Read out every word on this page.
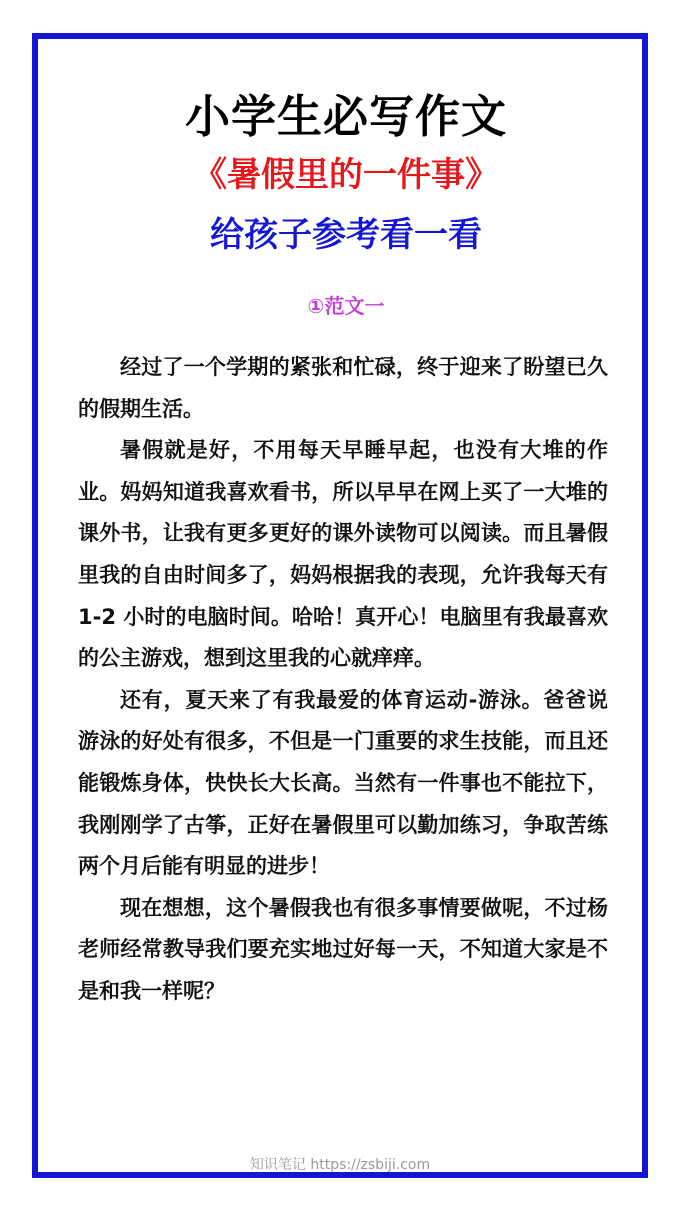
小学生必写作文
《暑假里的一件事》
给孩子参考看一看
①范文一

经过了一个学期的紧张和忙碌，终于迎来了盼望已久的假期生活。

暑假就是好，不用每天早睡早起，也没有大堆的作业。妈妈知道我喜欢看书，所以早早在网上买了一大堆的课外书，让我有更多更好的课外读物可以阅读。而且暑假里我的自由时间多了，妈妈根据我的表现，允许我每天有 1-2 小时的电脑时间。哈哈！真开心！电脑里有我最喜欢的公主游戏，想到这里我的心就痒痒。

还有，夏天来了有我最爱的体育运动-游泳。爸爸说游泳的好处有很多，不但是一门重要的求生技能，而且还能锻炼身体，快快长大长高。当然有一件事也不能拉下，我刚刚学了古筝，正好在暑假里可以勤加练习，争取苦练两个月后能有明显的进步！

现在想想，这个暑假我也有很多事情要做呢，不过杨老师经常教导我们要充实地过好每一天，不知道大家是不是和我一样呢？

知识笔记 https://zsbiji.com
